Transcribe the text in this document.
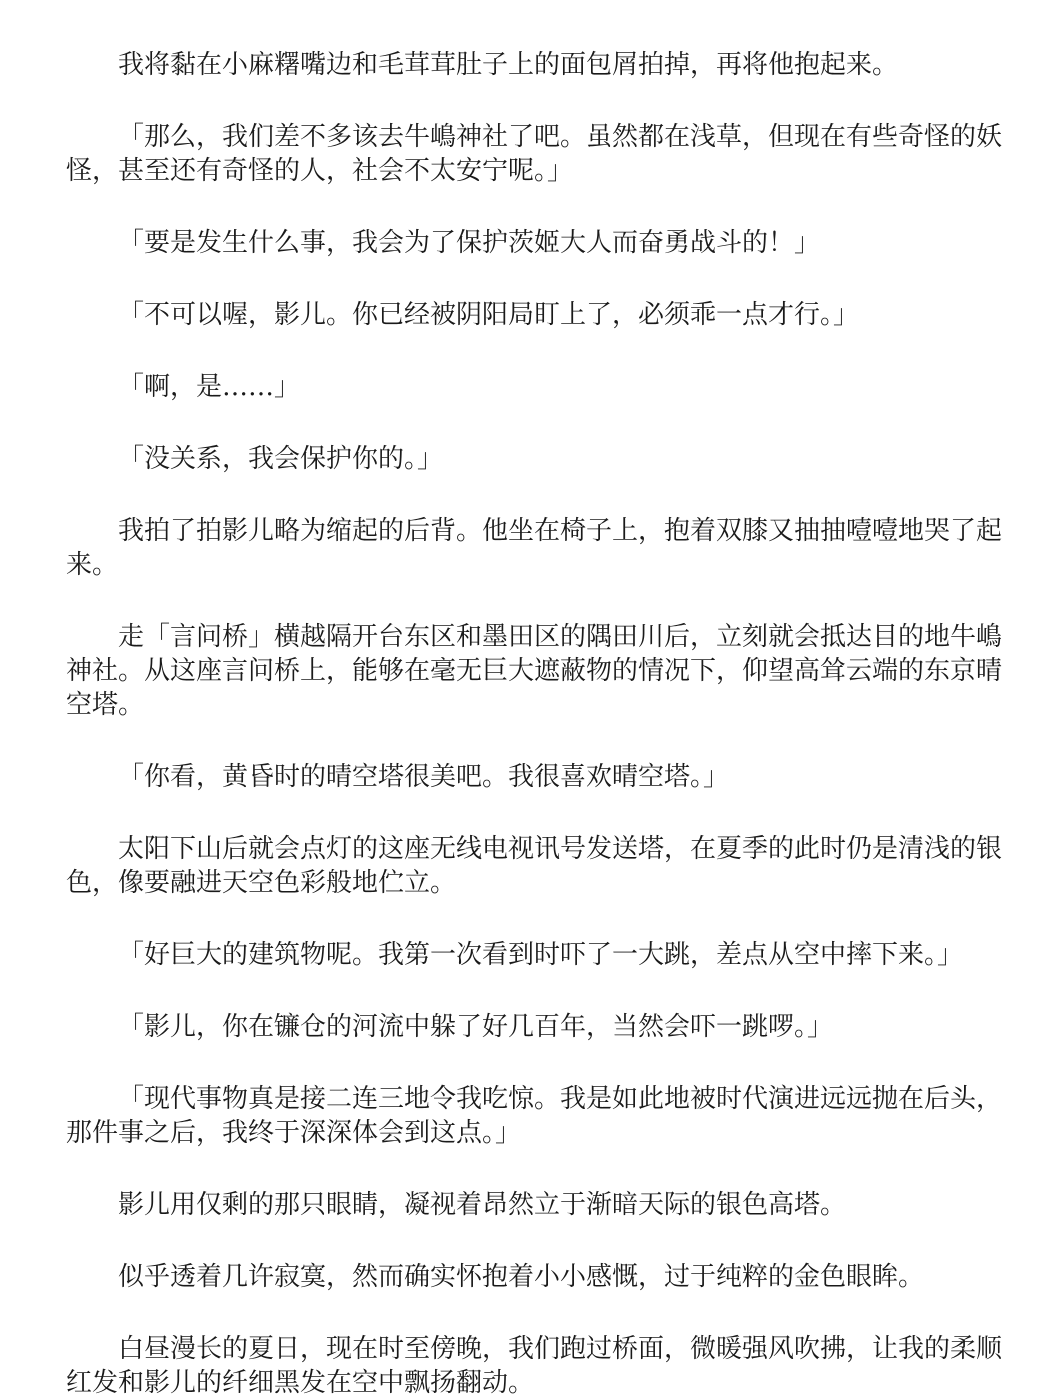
我将黏在小麻糬嘴边和毛茸茸肚子上的面包屑拍掉，再将他抱起来。

「那么，我们差不多该去牛嶋神社了吧。虽然都在浅草，但现在有些奇怪的妖怪，甚至还有奇怪的人，社会不太安宁呢。」

「要是发生什么事，我会为了保护茨姬大人而奋勇战斗的！」

「不可以喔，影儿。你已经被阴阳局盯上了，必须乖一点才行。」

「啊，是……」

「没关系，我会保护你的。」

我拍了拍影儿略为缩起的后背。他坐在椅子上，抱着双膝又抽抽噎噎地哭了起来。

走「言问桥」横越隔开台东区和墨田区的隅田川后，立刻就会抵达目的地牛嶋神社。从这座言问桥上，能够在毫无巨大遮蔽物的情况下，仰望高耸云端的东京晴空塔。

「你看，黄昏时的晴空塔很美吧。我很喜欢晴空塔。」

太阳下山后就会点灯的这座无线电视讯号发送塔，在夏季的此时仍是清浅的银色，像要融进天空色彩般地伫立。

「好巨大的建筑物呢。我第一次看到时吓了一大跳，差点从空中摔下来。」

「影儿，你在镰仓的河流中躲了好几百年，当然会吓一跳啰。」

「现代事物真是接二连三地令我吃惊。我是如此地被时代演进远远抛在后头，那件事之后，我终于深深体会到这点。」

影儿用仅剩的那只眼睛，凝视着昂然立于渐暗天际的银色高塔。

似乎透着几许寂寞，然而确实怀抱着小小感慨，过于纯粹的金色眼眸。

白昼漫长的夏日，现在时至傍晚，我们跑过桥面，微暖强风吹拂，让我的柔顺红发和影儿的纤细黑发在空中飘扬翻动。
